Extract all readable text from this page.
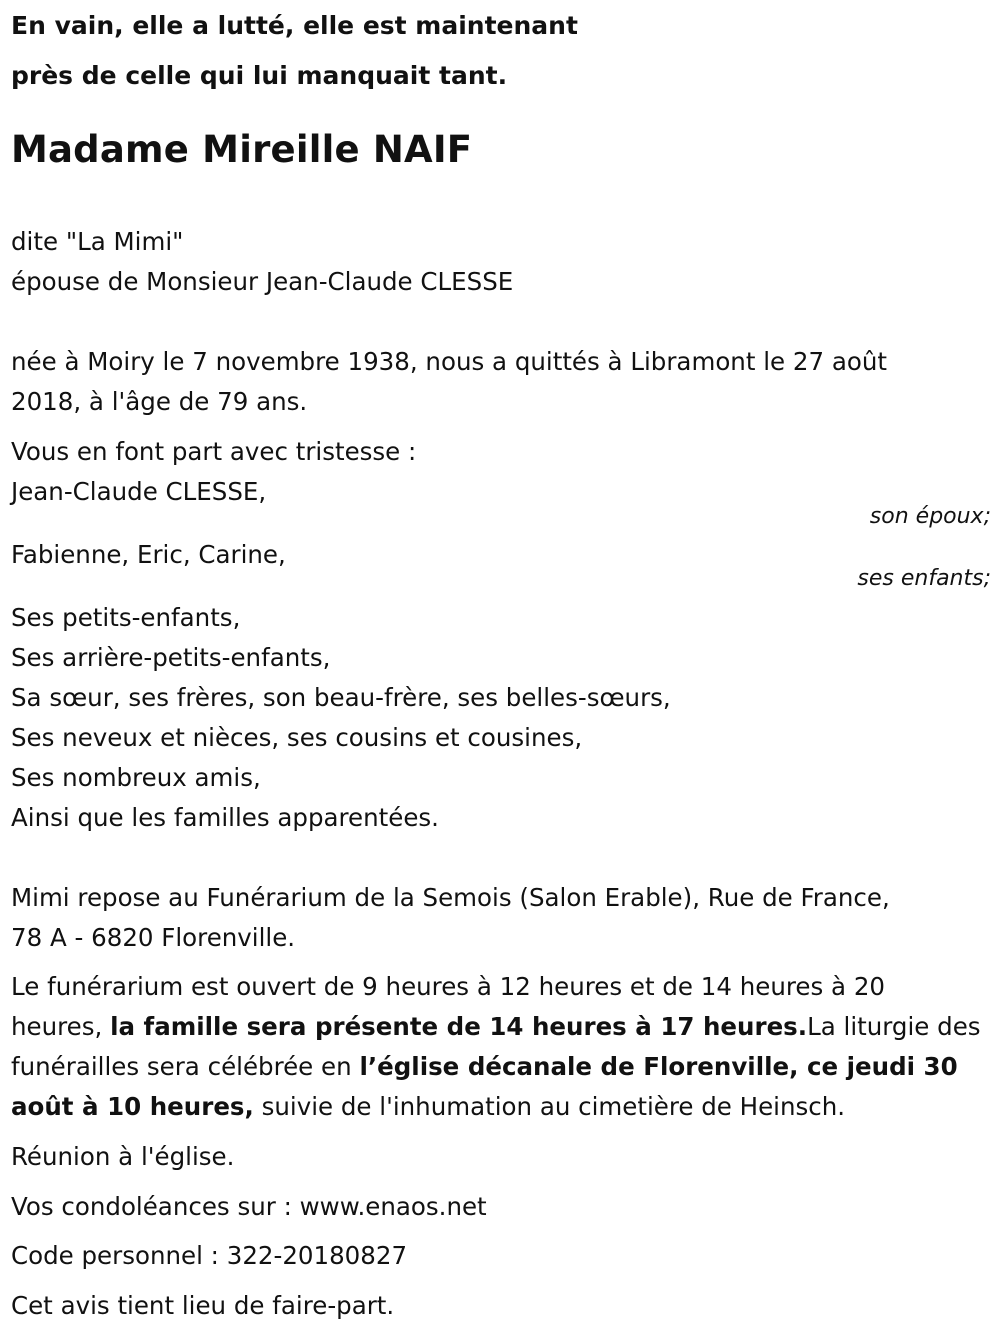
En vain, elle a lutté, elle est maintenant

près de celle qui lui manquait tant.

Madame Mireille NAIF

dite "La Mimi"

épouse de Monsieur Jean-Claude CLESSE

née à Moiry le 7 novembre 1938, nous a quittés à Libramont le 27 août

2018, à l'âge de 79 ans.

Vous en font part avec tristesse :

Jean-Claude CLESSE,

son époux;

Fabienne, Eric, Carine,

ses enfants;

Ses petits-enfants,

Ses arrière-petits-enfants,

Sa sœur, ses frères, son beau-frère, ses belles-sœurs,

Ses neveux et nièces, ses cousins et cousines,

Ses nombreux amis,

Ainsi que les familles apparentées.

Mimi repose au Funérarium de la Semois (Salon Erable), Rue de France,

78 A - 6820 Florenville.

Le funérarium est ouvert de 9 heures à 12 heures et de 14 heures à 20

heures, la famille sera présente de 14 heures à 17 heures.La liturgie des

funérailles sera célébrée en l’église décanale de Florenville, ce jeudi 30

août à 10 heures, suivie de l'inhumation au cimetière de Heinsch.

Réunion à l'église.

Vos condoléances sur : www.enaos.net

Code personnel : 322-20180827

Cet avis tient lieu de faire-part.
